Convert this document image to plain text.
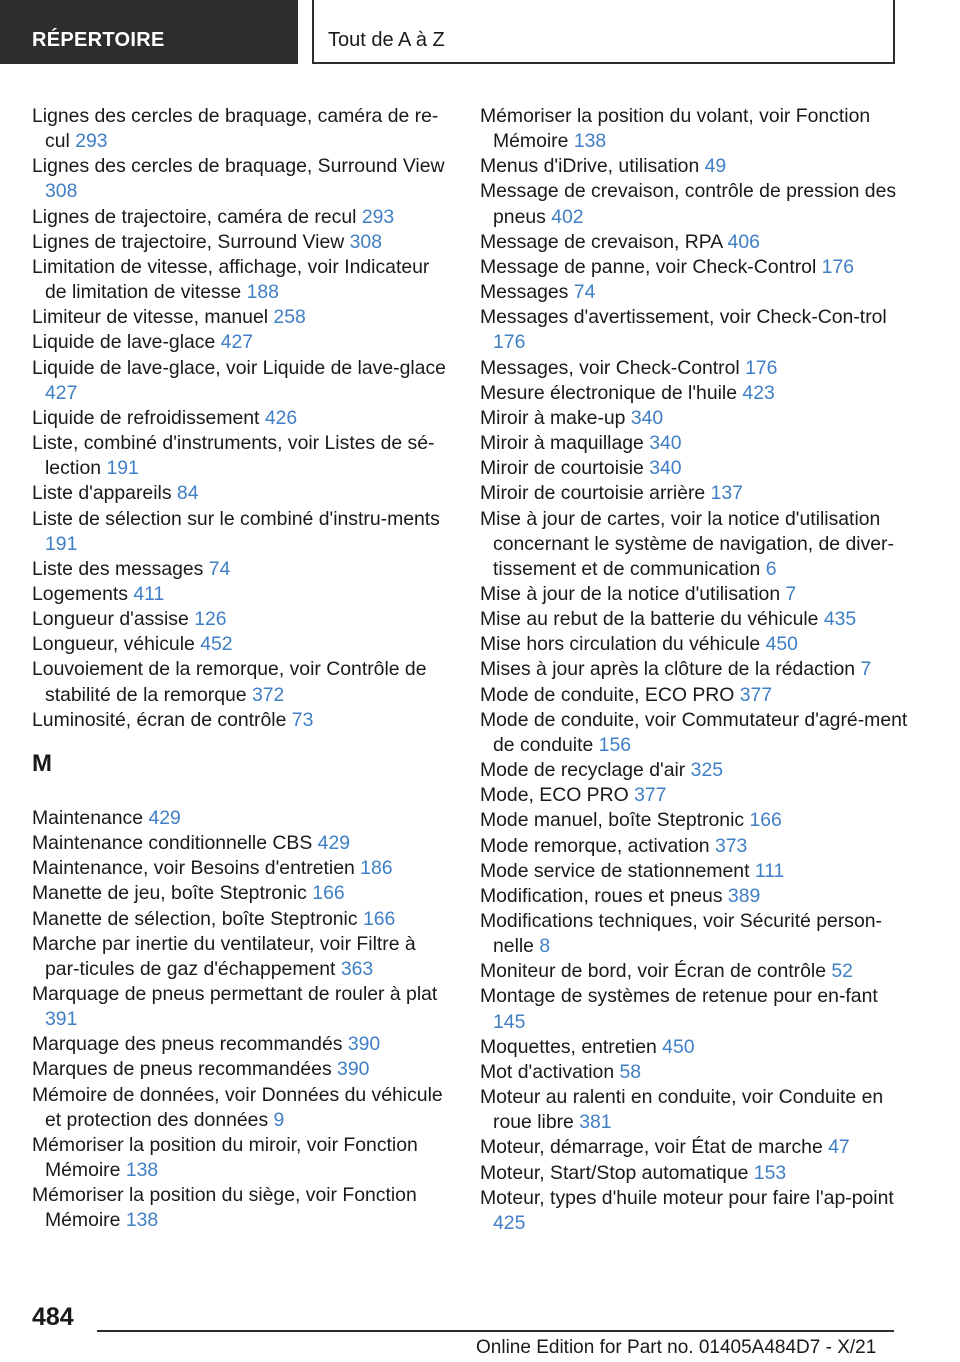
RÉPERTOIRE	Tout de A à Z
Lignes des cercles de braquage, caméra de re‐cul 293
Lignes des cercles de braquage, Surround View 308
Lignes de trajectoire, caméra de recul 293
Lignes de trajectoire, Surround View 308
Limitation de vitesse, affichage, voir Indicateur de limitation de vitesse 188
Limiteur de vitesse, manuel 258
Liquide de lave-glace 427
Liquide de lave-glace, voir Liquide de lave‐glace 427
Liquide de refroidissement 426
Liste, combiné d'instruments, voir Listes de sé‐lection 191
Liste d'appareils 84
Liste de sélection sur le combiné d'instru‐ments 191
Liste des messages 74
Logements 411
Longueur d'assise 126
Longueur, véhicule 452
Louvoiement de la remorque, voir Contrôle de stabilité de la remorque 372
Luminosité, écran de contrôle 73
M
Maintenance 429
Maintenance conditionnelle CBS 429
Maintenance, voir Besoins d'entretien 186
Manette de jeu, boîte Steptronic 166
Manette de sélection, boîte Steptronic 166
Marche par inertie du ventilateur, voir Filtre à par‐ticules de gaz d'échappement 363
Marquage de pneus permettant de rouler à plat 391
Marquage des pneus recommandés 390
Marques de pneus recommandées 390
Mémoire de données, voir Données du véhicule et protection des données 9
Mémoriser la position du miroir, voir Fonction Mémoire 138
Mémoriser la position du siège, voir Fonction Mémoire 138
Mémoriser la position du volant, voir Fonction Mémoire 138
Menus d'iDrive, utilisation 49
Message de crevaison, contrôle de pression des pneus 402
Message de crevaison, RPA 406
Message de panne, voir Check-Control 176
Messages 74
Messages d'avertissement, voir Check-Con‐trol 176
Messages, voir Check-Control 176
Mesure électronique de l'huile 423
Miroir à make-up 340
Miroir à maquillage 340
Miroir de courtoisie 340
Miroir de courtoisie arrière 137
Mise à jour de cartes, voir la notice d'utilisation concernant le système de navigation, de diver‐tissement et de communication 6
Mise à jour de la notice d'utilisation 7
Mise au rebut de la batterie du véhicule 435
Mise hors circulation du véhicule 450
Mises à jour après la clôture de la rédaction 7
Mode de conduite, ECO PRO 377
Mode de conduite, voir Commutateur d'agré‐ment de conduite 156
Mode de recyclage d'air 325
Mode, ECO PRO 377
Mode manuel, boîte Steptronic 166
Mode remorque, activation 373
Mode service de stationnement 111
Modification, roues et pneus 389
Modifications techniques, voir Sécurité person‐nelle 8
Moniteur de bord, voir Écran de contrôle 52
Montage de systèmes de retenue pour en‐fant 145
Moquettes, entretien 450
Mot d'activation 58
Moteur au ralenti en conduite, voir Conduite en roue libre 381
Moteur, démarrage, voir État de marche 47
Moteur, Start/Stop automatique 153
Moteur, types d'huile moteur pour faire l'ap‐point 425
484
Online Edition for Part no. 01405A484D7 - X/21
